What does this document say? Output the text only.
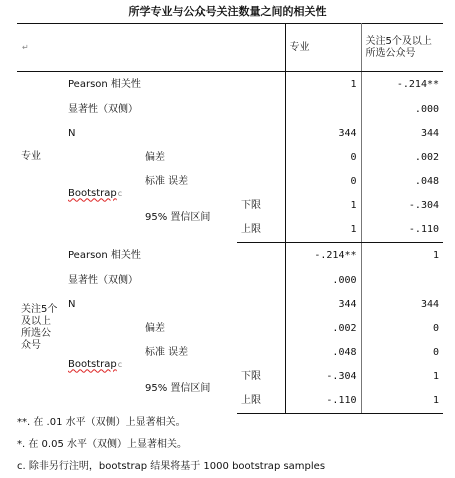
所学专业与公众号关注数量之间的相关性
↵				专业	关注5个及以上所选公众号
专业	Pearson 相关性			1	-.214**
	显著性（双侧）				.000
	N			344	344
	Bootstrapc	偏差		0	.002
		标准 误差		0	.048
		95% 置信区间	下限	1	-.304
			上限	1	-.110
关注5个及以上所选公众号	Pearson 相关性			-.214**	1
	显著性（双侧）			.000	
	N			344	344
	Bootstrapc	偏差		.002	0
		标准 误差		.048	0
		95% 置信区间	下限	-.304	1
			上限	-.110	1
**. 在 .01 水平（双侧）上显著相关。
*. 在 0.05 水平（双侧）上显著相关。
c. 除非另行注明，bootstrap 结果将基于 1000 bootstrap samples
